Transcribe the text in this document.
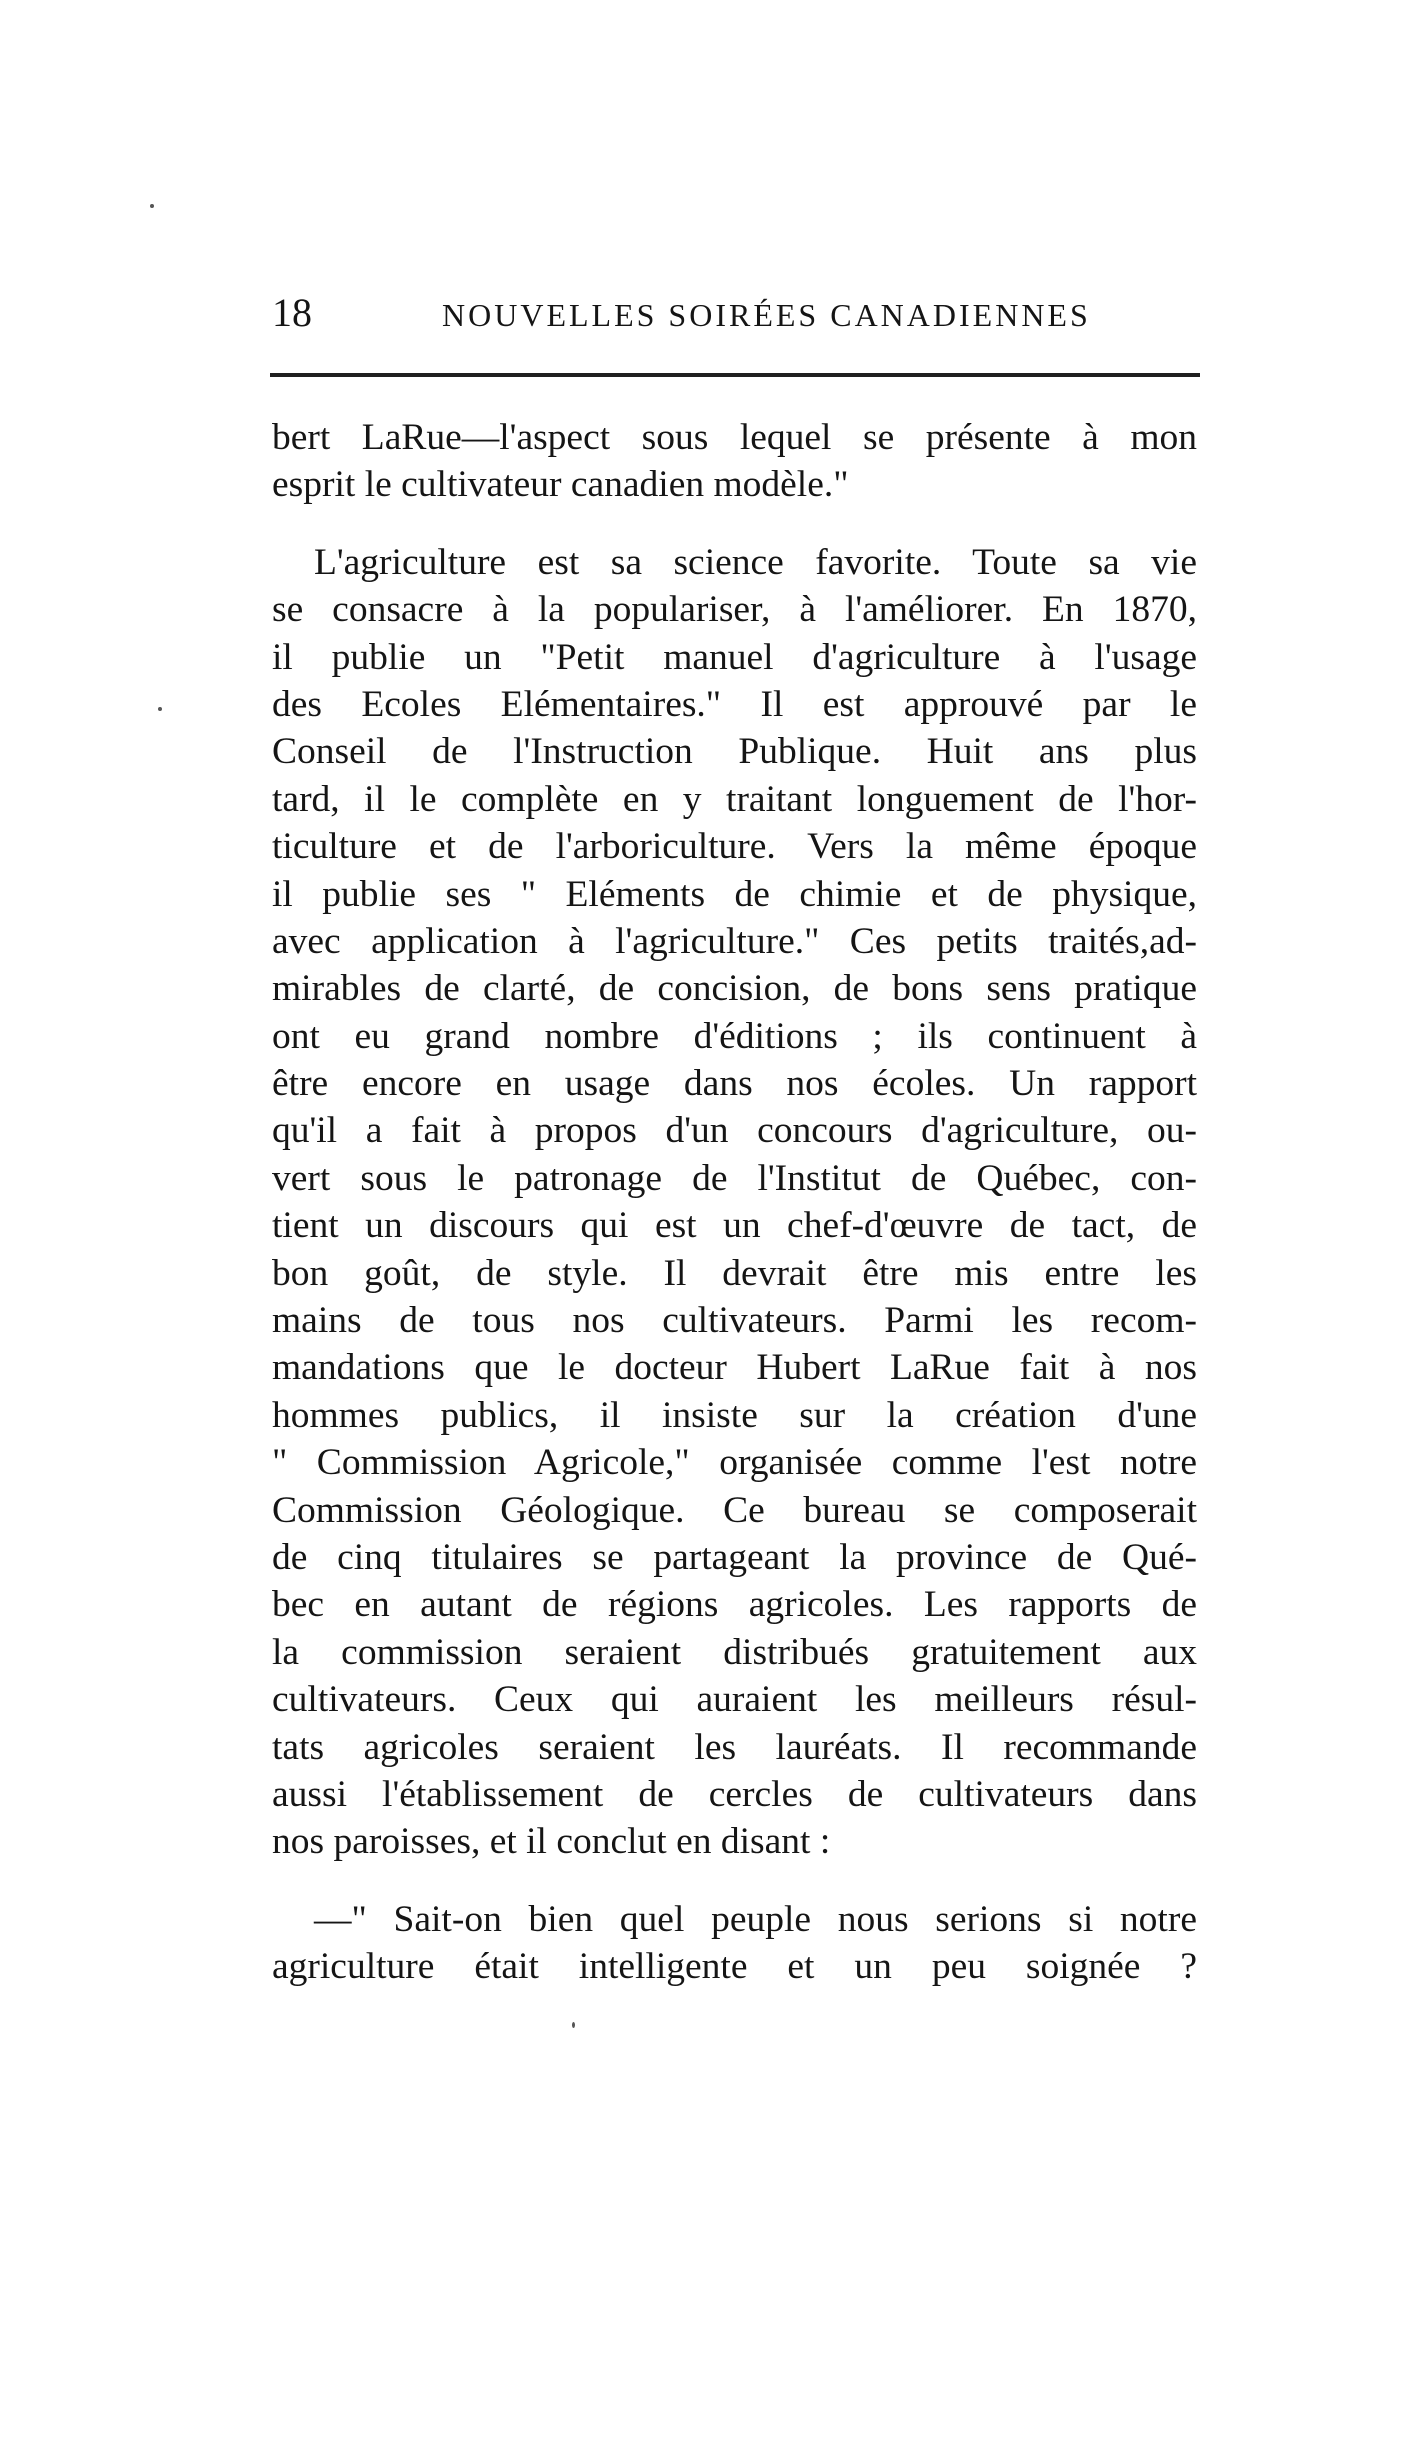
18	NOUVELLES SOIRÉES CANADIENNES
bert LaRue—l'aspect sous lequel se présente à mon
esprit le cultivateur canadien modèle."
L'agriculture est sa science favorite. Toute sa vie
se consacre à la populariser, à l'améliorer. En 1870,
il publie un "Petit manuel d'agriculture à l'usage
des Ecoles Elémentaires." Il est approuvé par le
Conseil de l'Instruction Publique. Huit ans plus
tard, il le complète en y traitant longuement de l'hor-
ticulture et de l'arboriculture. Vers la même époque
il publie ses " Eléments de chimie et de physique,
avec application à l'agriculture." Ces petits traités,ad-
mirables de clarté, de concision, de bons sens pratique
ont eu grand nombre d'éditions ; ils continuent à
être encore en usage dans nos écoles. Un rapport
qu'il a fait à propos d'un concours d'agriculture, ou-
vert sous le patronage de l'Institut de Québec, con-
tient un discours qui est un chef-d'œuvre de tact, de
bon goût, de style. Il devrait être mis entre les
mains de tous nos cultivateurs. Parmi les recom-
mandations que le docteur Hubert LaRue fait à nos
hommes publics, il insiste sur la création d'une
" Commission Agricole," organisée comme l'est notre
Commission Géologique. Ce bureau se composerait
de cinq titulaires se partageant la province de Qué-
bec en autant de régions agricoles. Les rapports de
la commission seraient distribués gratuitement aux
cultivateurs. Ceux qui auraient les meilleurs résul-
tats agricoles seraient les lauréats. Il recommande
aussi l'établissement de cercles de cultivateurs dans
nos paroisses, et il conclut en disant :
—" Sait-on bien quel peuple nous serions si notre
agriculture était intelligente et un peu soignée ?
